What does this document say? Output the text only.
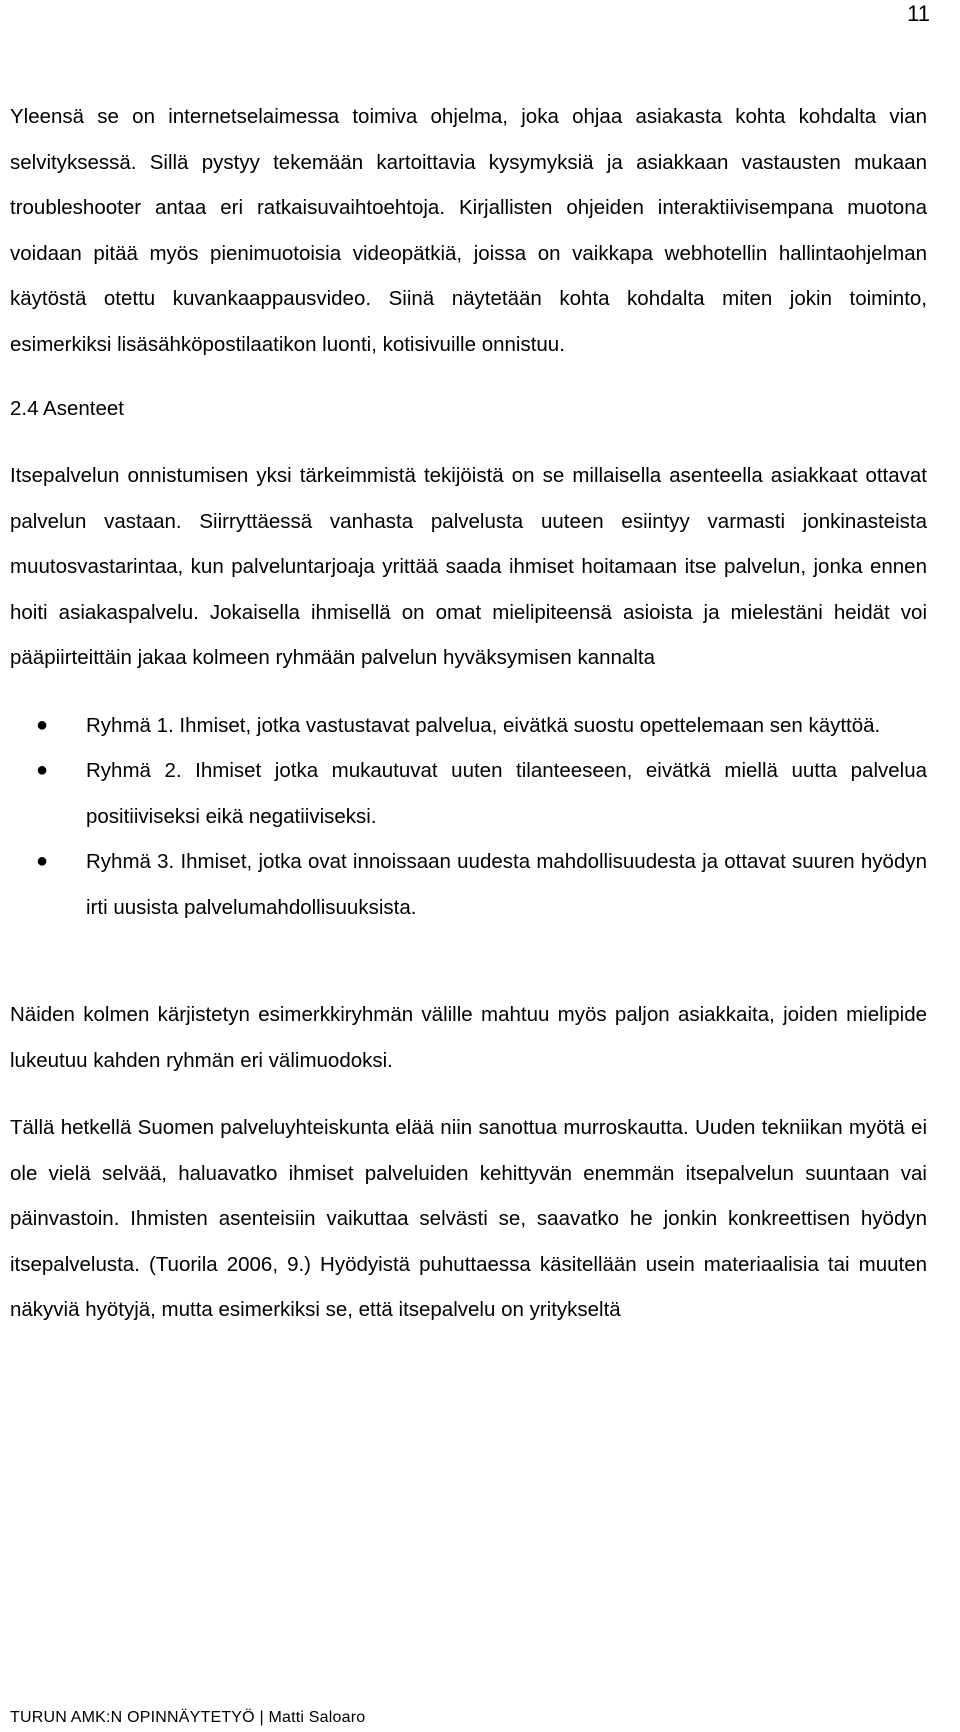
11

Yleensä se on internetselaimessa toimiva ohjelma, joka ohjaa asiakasta kohta kohdalta vian selvityksessä. Sillä pystyy tekemään kartoittavia kysymyksiä ja asiakkaan vastausten mukaan troubleshooter antaa eri ratkaisuvaihtoehtoja. Kirjallisten ohjeiden interaktiivisempana muotona voidaan pitää myös pienimuotoisia videopätkiä, joissa on vaikkapa webhotellin hallintaohjelman käytöstä otettu kuvankaappausvideo. Siinä näytetään kohta kohdalta miten jokin toiminto, esimerkiksi lisäsähköpostilaatikon luonti, kotisivuille onnistuu.

2.4 Asenteet

Itsepalvelun onnistumisen yksi tärkeimmistä tekijöistä on se millaisella asenteella asiakkaat ottavat palvelun vastaan. Siirryttäessä vanhasta palvelusta uuteen esiintyy varmasti jonkinasteista muutosvastarintaa, kun palveluntarjoaja yrittää saada ihmiset hoitamaan itse palvelun, jonka ennen hoiti asiakaspalvelu. Jokaisella ihmisellä on omat mielipiteensä asioista ja mielestäni heidät voi pääpiirteittäin jakaa kolmeen ryhmään palvelun hyväksymisen kannalta

● Ryhmä 1. Ihmiset, jotka vastustavat palvelua, eivätkä suostu opettelemaan sen käyttöä.
● Ryhmä 2. Ihmiset jotka mukautuvat uuten tilanteeseen, eivätkä miellä uutta palvelua positiiviseksi eikä negatiiviseksi.
● Ryhmä 3. Ihmiset, jotka ovat innoissaan uudesta mahdollisuudesta ja ottavat suuren hyödyn irti uusista palvelumahdollisuuksista.

Näiden kolmen kärjistetyn esimerkkiryhmän välille mahtuu myös paljon asiakkaita, joiden mielipide lukeutuu kahden ryhmän eri välimuodoksi.

Tällä hetkellä Suomen palveluyhteiskunta elää niin sanottua murroskautta. Uuden tekniikan myötä ei ole vielä selvää, haluavatko ihmiset palveluiden kehittyvän enemmän itsepalvelun suuntaan vai päinvastoin. Ihmisten asenteisiin vaikuttaa selvästi se, saavatko he jonkin konkreettisen hyödyn itsepalvelusta. (Tuorila 2006, 9.) Hyödyistä puhuttaessa käsitellään usein materiaalisia tai muuten näkyviä hyötyjä, mutta esimerkiksi se, että itsepalvelu on yritykseltä

TURUN AMK:N OPINNÄYTETYÖ | Matti Saloaro
